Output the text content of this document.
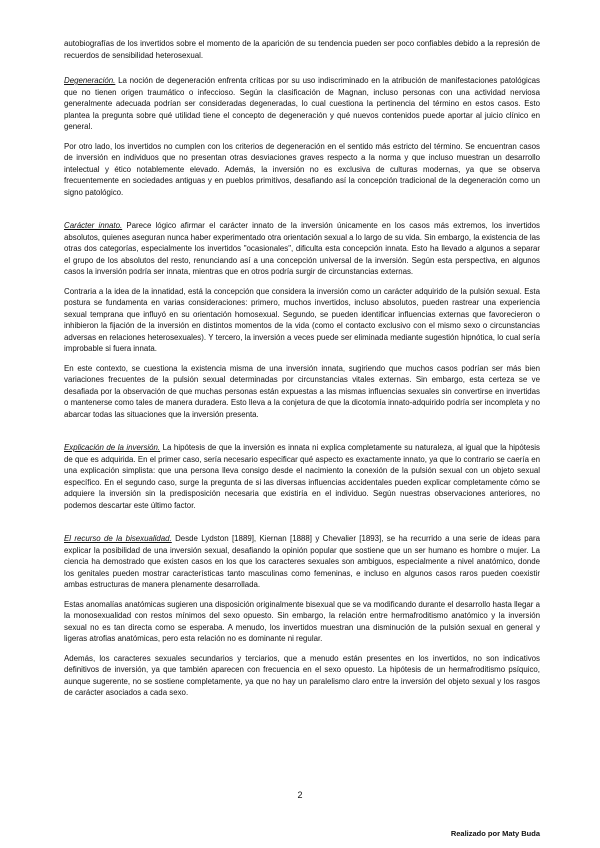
autobiografías de los invertidos sobre el momento de la aparición de su tendencia pueden ser poco confiables debido a la represión de recuerdos de sensibilidad heterosexual.

Degeneración. La noción de degeneración enfrenta críticas por su uso indiscriminado en la atribución de manifestaciones patológicas que no tienen origen traumático o infeccioso. Según la clasificación de Magnan, incluso personas con una actividad nerviosa generalmente adecuada podrían ser consideradas degeneradas, lo cual cuestiona la pertinencia del término en estos casos. Esto plantea la pregunta sobre qué utilidad tiene el concepto de degeneración y qué nuevos contenidos puede aportar al juicio clínico en general.

Por otro lado, los invertidos no cumplen con los criterios de degeneración en el sentido más estricto del término. Se encuentran casos de inversión en individuos que no presentan otras desviaciones graves respecto a la norma y que incluso muestran un desarrollo intelectual y ético notablemente elevado. Además, la inversión no es exclusiva de culturas modernas, ya que se observa frecuentemente en sociedades antiguas y en pueblos primitivos, desafiando así la concepción tradicional de la degeneración como un signo patológico.

Carácter innato. Parece lógico afirmar el carácter innato de la inversión únicamente en los casos más extremos, los invertidos absolutos, quienes aseguran nunca haber experimentado otra orientación sexual a lo largo de su vida. Sin embargo, la existencia de las otras dos categorías, especialmente los invertidos "ocasionales", dificulta esta concepción innata. Esto ha llevado a algunos a separar el grupo de los absolutos del resto, renunciando así a una concepción universal de la inversión. Según esta perspectiva, en algunos casos la inversión podría ser innata, mientras que en otros podría surgir de circunstancias externas.

Contraria a la idea de la innatidad, está la concepción que considera la inversión como un carácter adquirido de la pulsión sexual. Esta postura se fundamenta en varias consideraciones: primero, muchos invertidos, incluso absolutos, pueden rastrear una experiencia sexual temprana que influyó en su orientación homosexual. Segundo, se pueden identificar influencias externas que favorecieron o inhibieron la fijación de la inversión en distintos momentos de la vida (como el contacto exclusivo con el mismo sexo o circunstancias adversas en relaciones heterosexuales). Y tercero, la inversión a veces puede ser eliminada mediante sugestión hipnótica, lo cual sería improbable si fuera innata.

En este contexto, se cuestiona la existencia misma de una inversión innata, sugiriendo que muchos casos podrían ser más bien variaciones frecuentes de la pulsión sexual determinadas por circunstancias vitales externas. Sin embargo, esta certeza se ve desafiada por la observación de que muchas personas están expuestas a las mismas influencias sexuales sin convertirse en invertidas o mantenerse como tales de manera duradera. Esto lleva a la conjetura de que la dicotomía innato-adquirido podría ser incompleta y no abarcar todas las situaciones que la inversión presenta.

Explicación de la inversión. La hipótesis de que la inversión es innata ni explica completamente su naturaleza, al igual que la hipótesis de que es adquirida. En el primer caso, sería necesario especificar qué aspecto es exactamente innato, ya que lo contrario se caería en una explicación simplista: que una persona lleva consigo desde el nacimiento la conexión de la pulsión sexual con un objeto sexual específico. En el segundo caso, surge la pregunta de si las diversas influencias accidentales pueden explicar completamente cómo se adquiere la inversión sin la predisposición necesaria que existiría en el individuo. Según nuestras observaciones anteriores, no podemos descartar este último factor.

El recurso de la bisexualidad. Desde Lydston [1889], Kiernan [1888] y Chevalier [1893], se ha recurrido a una serie de ideas para explicar la posibilidad de una inversión sexual, desafiando la opinión popular que sostiene que un ser humano es hombre o mujer. La ciencia ha demostrado que existen casos en los que los caracteres sexuales son ambiguos, especialmente a nivel anatómico, donde los genitales pueden mostrar características tanto masculinas como femeninas, e incluso en algunos casos raros pueden coexistir ambas estructuras de manera plenamente desarrollada.

Estas anomalías anatómicas sugieren una disposición originalmente bisexual que se va modificando durante el desarrollo hasta llegar a la monosexualidad con restos mínimos del sexo opuesto. Sin embargo, la relación entre hermafroditismo anatómico y la inversión sexual no es tan directa como se esperaba. A menudo, los invertidos muestran una disminución de la pulsión sexual en general y ligeras atrofias anatómicas, pero esta relación no es dominante ni regular.

Además, los caracteres sexuales secundarios y terciarios, que a menudo están presentes en los invertidos, no son indicativos definitivos de inversión, ya que también aparecen con frecuencia en el sexo opuesto. La hipótesis de un hermafroditismo psíquico, aunque sugerente, no se sostiene completamente, ya que no hay un paralelismo claro entre la inversión del objeto sexual y los rasgos de carácter asociados a cada sexo.

2
Realizado por Maty Buda
